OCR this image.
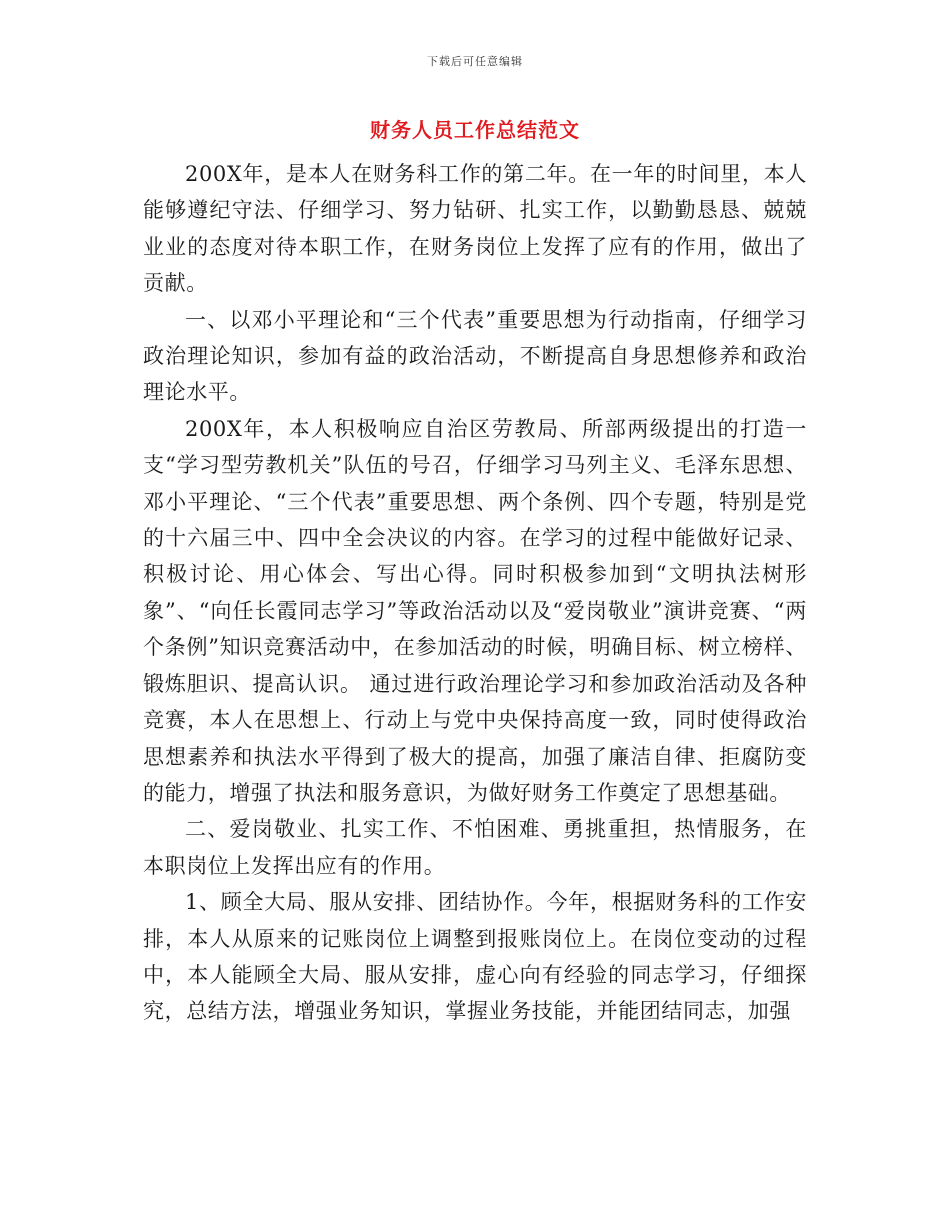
下载后可任意编辑
财务人员工作总结范文

200X年，是本人在财务科工作的第二年。在一年的时间里，本人能够遵纪守法、仔细学习、努力钻研、扎实工作，以勤勤恳恳、兢兢业业的态度对待本职工作，在财务岗位上发挥了应有的作用，做出了贡献。

一、以邓小平理论和“三个代表”重要思想为行动指南，仔细学习政治理论知识，参加有益的政治活动，不断提高自身思想修养和政治理论水平。

200X年，本人积极响应自治区劳教局、所部两级提出的打造一支“学习型劳教机关”队伍的号召，仔细学习马列主义、毛泽东思想、邓小平理论、“三个代表”重要思想、两个条例、四个专题，特别是党的十六届三中、四中全会决议的内容。在学习的过程中能做好记录、积极讨论、用心体会、写出心得。同时积极参加到“文明执法树形象”、“向任长霞同志学习”等政治活动以及“爱岗敬业”演讲竞赛、“两个条例”知识竞赛活动中，在参加活动的时候，明确目标、树立榜样、锻炼胆识、提高认识。 通过进行政治理论学习和参加政治活动及各种竞赛，本人在思想上、行动上与党中央保持高度一致，同时使得政治思想素养和执法水平得到了极大的提高，加强了廉洁自律、拒腐防变的能力，增强了执法和服务意识，为做好财务工作奠定了思想基础。

二、爱岗敬业、扎实工作、不怕困难、勇挑重担，热情服务，在本职岗位上发挥出应有的作用。

1、顾全大局、服从安排、团结协作。今年，根据财务科的工作安排，本人从原来的记账岗位上调整到报账岗位上。在岗位变动的过程中，本人能顾全大局、服从安排，虚心向有经验的同志学习，仔细探究，总结方法，增强业务知识，掌握业务技能，并能团结同志，加强
